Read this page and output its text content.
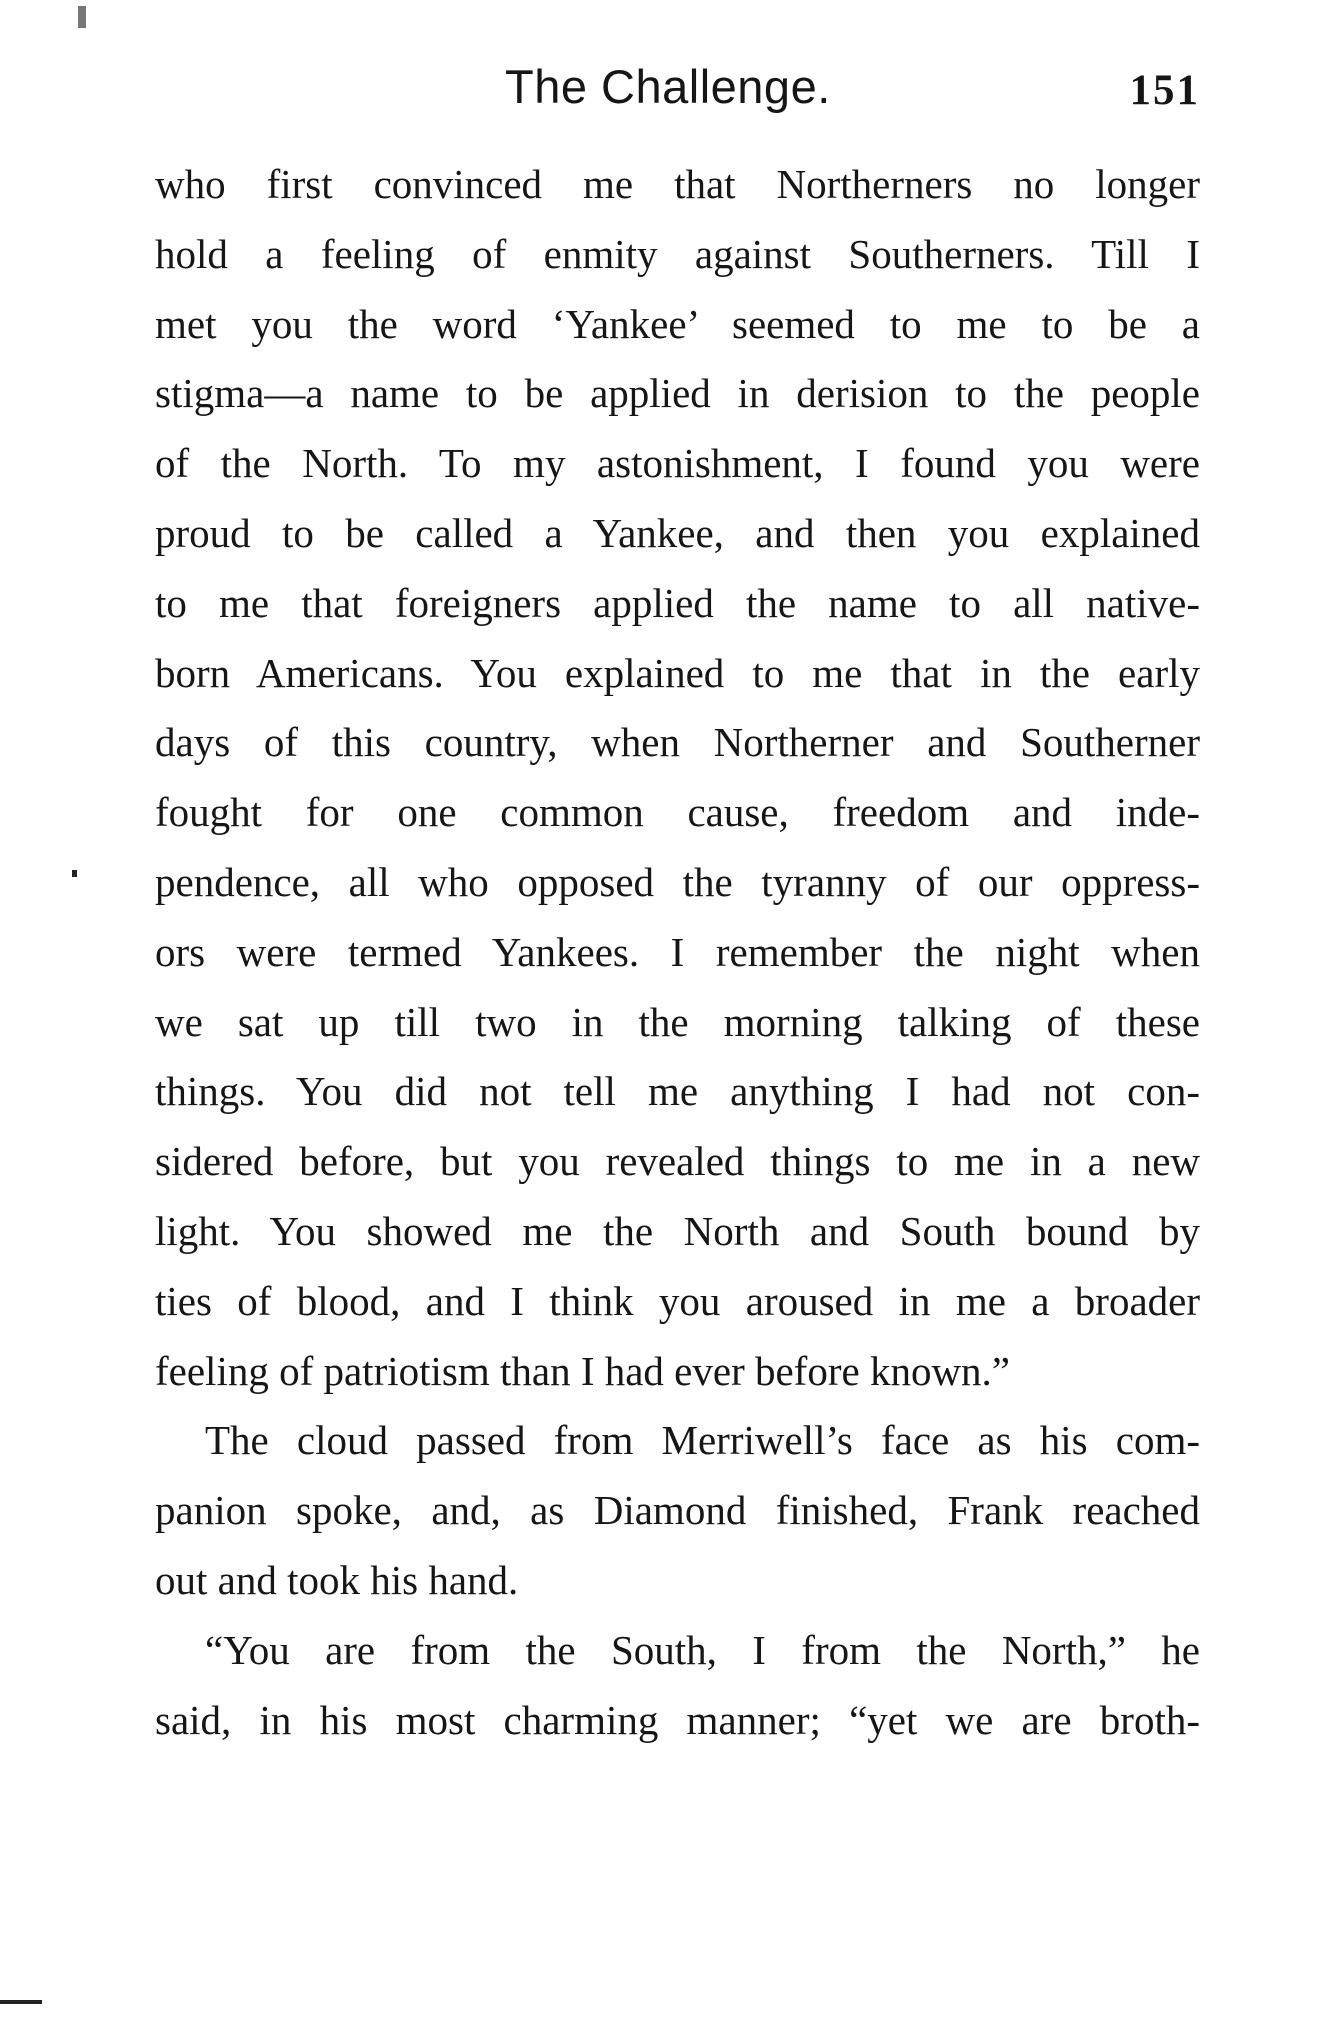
The Challenge.	151
who first convinced me that Northerners no longer
hold a feeling of enmity against Southerners. Till I
met you the word ‘Yankee’ seemed to me to be a
stigma—a name to be applied in derision to the people
of the North. To my astonishment, I found you were
proud to be called a Yankee, and then you explained
to me that foreigners applied the name to all native-
born Americans. You explained to me that in the early
days of this country, when Northerner and Southerner
fought for one common cause, freedom and inde-
pendence, all who opposed the tyranny of our oppress-
ors were termed Yankees. I remember the night when
we sat up till two in the morning talking of these
things. You did not tell me anything I had not con-
sidered before, but you revealed things to me in a new
light. You showed me the North and South bound by
ties of blood, and I think you aroused in me a broader
feeling of patriotism than I had ever before known.”
The cloud passed from Merriwell’s face as his com-
panion spoke, and, as Diamond finished, Frank reached
out and took his hand.
“You are from the South, I from the North,” he
said, in his most charming manner; “yet we are broth-
